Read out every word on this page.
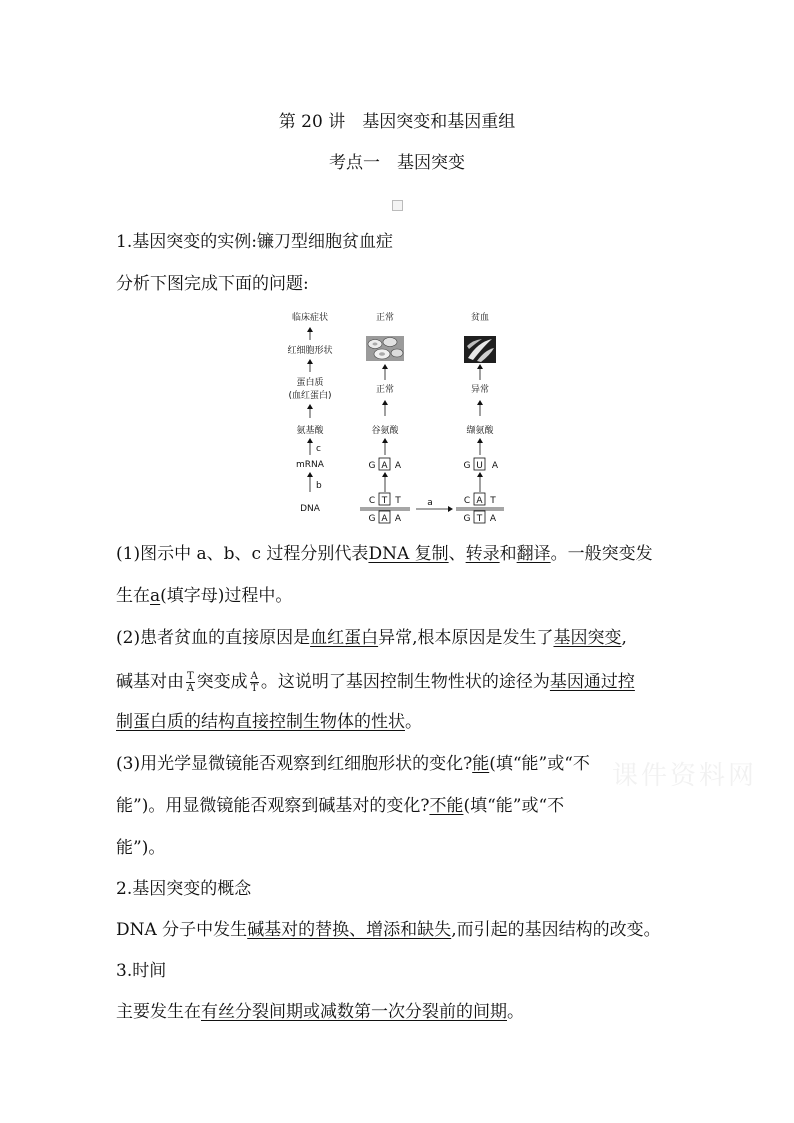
第 20 讲　基因突变和基因重组
考点一　基因突变
1.基因突变的实例:镰刀型细胞贫血症
分析下图完成下面的问题:
临床症状
红细胞形状
蛋白质
(血红蛋白)
氨基酸
c
mRNA
b
DNA
正常
正常
谷氨酸
G A A
C T T
G A A
a
贫血
异常
缬氨酸
G U A
C A T
G T A
(1)图示中 a、b、c 过程分别代表DNA 复制、转录和翻译。一般突变发
生在a(填字母)过程中。
(2)患者贫血的直接原因是血红蛋白异常,根本原因是发生了基因突变,
碱基对由 $\frac{T}{A}$ 突变成 $\frac{A}{T}$ 。这说明了基因控制生物性状的途径为基因通过控
制蛋白质的结构直接控制生物体的性状。
(3)用光学显微镜能否观察到红细胞形状的变化?能(填“能”或“不
能”)。用显微镜能否观察到碱基对的变化?不能(填“能”或“不
能”)。
2.基因突变的概念
DNA 分子中发生碱基对的替换、增添和缺失,而引起的基因结构的改变。
3.时间
主要发生在有丝分裂间期或减数第一次分裂前的间期。
课件资料网
